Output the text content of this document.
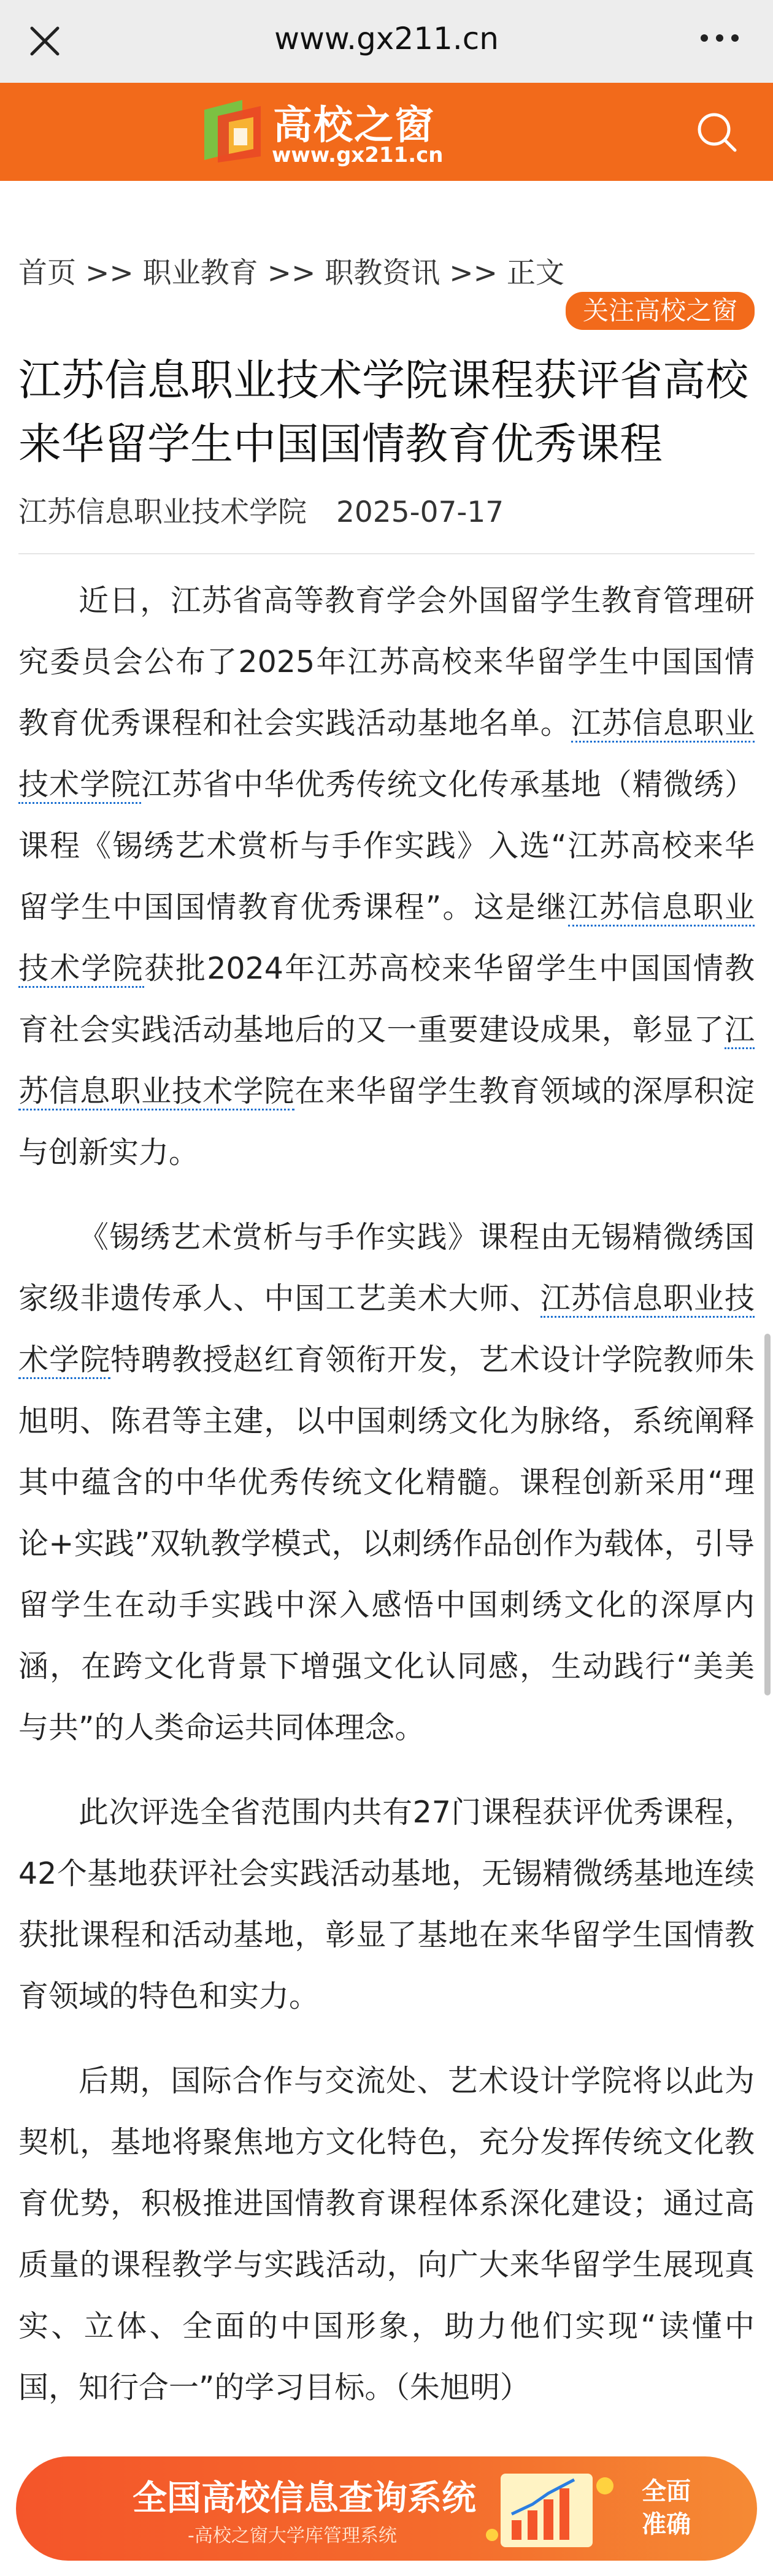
www.gx211.cn
高校之窗
www.gx211.cn
首页 >> 职业教育 >> 职教资讯 >> 正文
关注高校之窗
江苏信息职业技术学院课程获评省高校来华留学生中国国情教育优秀课程
江苏信息职业技术学院 2025-07-17

近日，江苏省高等教育学会外国留学生教育管理研究委员会公布了2025年江苏高校来华留学生中国国情教育优秀课程和社会实践活动基地名单。江苏信息职业技术学院江苏省中华优秀传统文化传承基地（精微绣）课程《锡绣艺术赏析与手作实践》入选“江苏高校来华留学生中国国情教育优秀课程”。这是继江苏信息职业技术学院获批2024年江苏高校来华留学生中国国情教育社会实践活动基地后的又一重要建设成果，彰显了江苏信息职业技术学院在来华留学生教育领域的深厚积淀与创新实力。

《锡绣艺术赏析与手作实践》课程由无锡精微绣国家级非遗传承人、中国工艺美术大师、江苏信息职业技术学院特聘教授赵红育领衔开发，艺术设计学院教师朱旭明、陈君等主建，以中国刺绣文化为脉络，系统阐释其中蕴含的中华优秀传统文化精髓。课程创新采用“理论+实践”双轨教学模式，以刺绣作品创作为载体，引导留学生在动手实践中深入感悟中国刺绣文化的深厚内涵，在跨文化背景下增强文化认同感，生动践行“美美与共”的人类命运共同体理念。

此次评选全省范围内共有27门课程获评优秀课程，42个基地获评社会实践活动基地，无锡精微绣基地连续获批课程和活动基地，彰显了基地在来华留学生国情教育领域的特色和实力。

后期，国际合作与交流处、艺术设计学院将以此为契机，基地将聚焦地方文化特色，充分发挥传统文化教育优势，积极推进国情教育课程体系深化建设；通过高质量的课程教学与实践活动，向广大来华留学生展现真实、立体、全面的中国形象，助力他们实现“读懂中国，知行合一”的学习目标。（朱旭明）

全国高校信息查询系统
-高校之窗大学库管理系统
全面
准确
